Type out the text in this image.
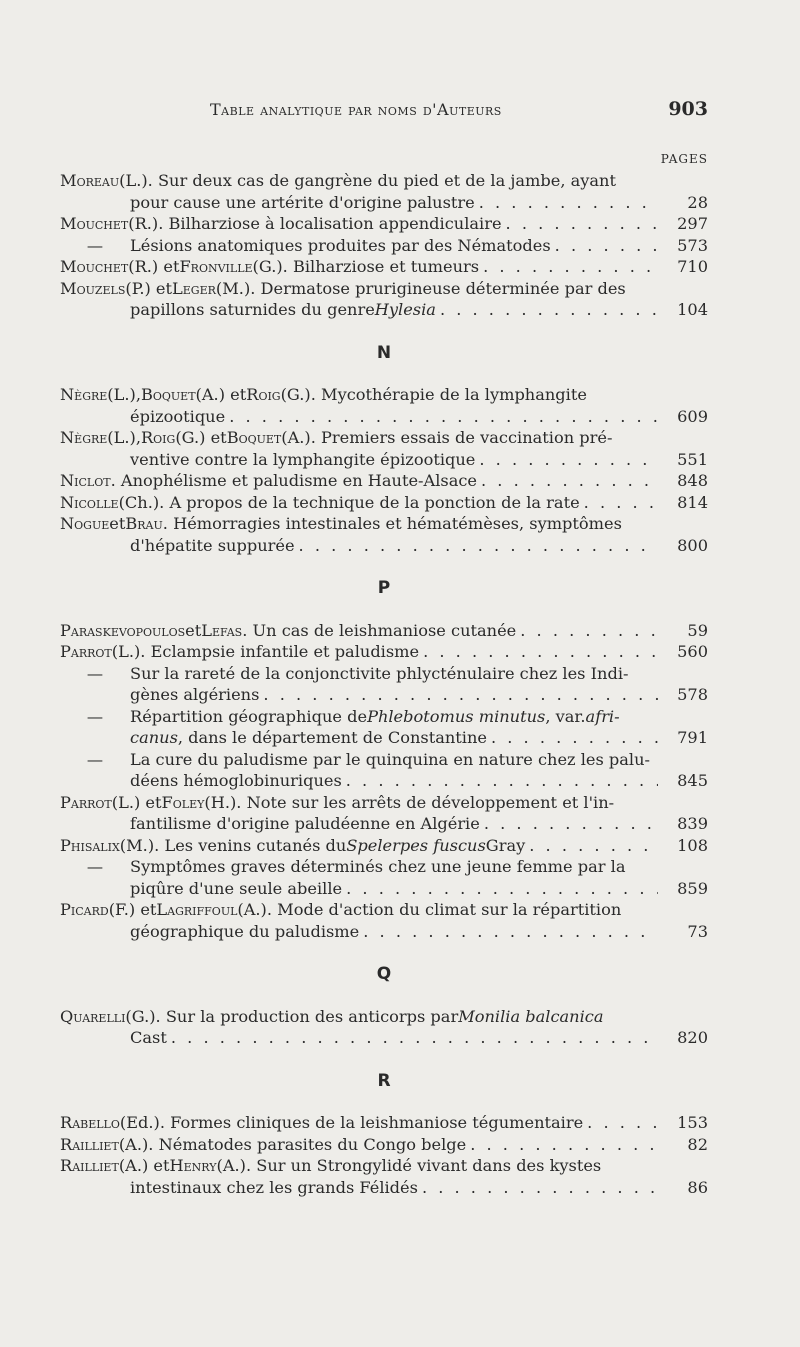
Table analytique par noms d'Auteurs	903
PAGES
Moreau (L.). Sur deux cas de gangrène du pied et de la jambe, ayant
pour cause une artérite d'origine palustre . . .	28
Mouchet (R.). Bilharziose à localisation appendiculaire . . .	297
—	Lésions anatomiques produites par des Nématodes . . .	573
Mouchet (R.) et Fronville (G.). Bilharziose et tumeurs . . .	710
Mouzels (P.) et Leger (M.). Dermatose prurigineuse déterminée par des
papillons saturnides du genre Hylesia . . .	104
N
Nègre (L.), Boquet (A.) et Roig (G.). Mycothérapie de la lymphangite
épizootique . . .	609
Nègre (L.), Roig (G.) et Boquet (A.). Premiers essais de vaccination pré-
ventive contre la lymphangite épizootique . . .	551
Niclot . Anophélisme et paludisme en Haute-Alsace . . .	848
Nicolle (Ch.). A propos de la technique de la ponction de la rate . . .	814
Nogue et Brau . Hémorragies intestinales et hématémèses, symptômes
d'hépatite suppurée . . .	800
P
Paraskevopoulos et Lefas . Un cas de leishmaniose cutanée . . .	59
Parrot (L.). Eclampsie infantile et paludisme . . .	560
—	Sur la rareté de la conjonctivite phlycténulaire chez les Indi-
gènes algériens . . .	578
—	Répartition géographique de Phlebotomus minutus , var. afri-
canus , dans le département de Constantine . . .	791
—	La cure du paludisme par le quinquina en nature chez les palu-
déens hémoglobinuriques . . .	845
Parrot (L.) et Foley (H.). Note sur les arrêts de développement et l'in-
fantilisme d'origine paludéenne en Algérie . . .	839
Phisalix (M.). Les venins cutanés du Spelerpes fuscus Gray . . .	108
—	Symptômes graves déterminés chez une jeune femme par la
piqûre d'une seule abeille . . .	859
Picard (F.) et Lagriffoul (A.). Mode d'action du climat sur la répartition
géographique du paludisme . . .	73
Q
Quarelli (G.). Sur la production des anticorps par Monilia balcanica
Cast . . .	820
R
Rabello (Ed.). Formes cliniques de la leishmaniose tégumentaire . . .	153
Railliet (A.). Nématodes parasites du Congo belge . . .	82
Railliet (A.) et Henry (A.). Sur un Strongylidé vivant dans des kystes
intestinaux chez les grands Félidés . . .	86
